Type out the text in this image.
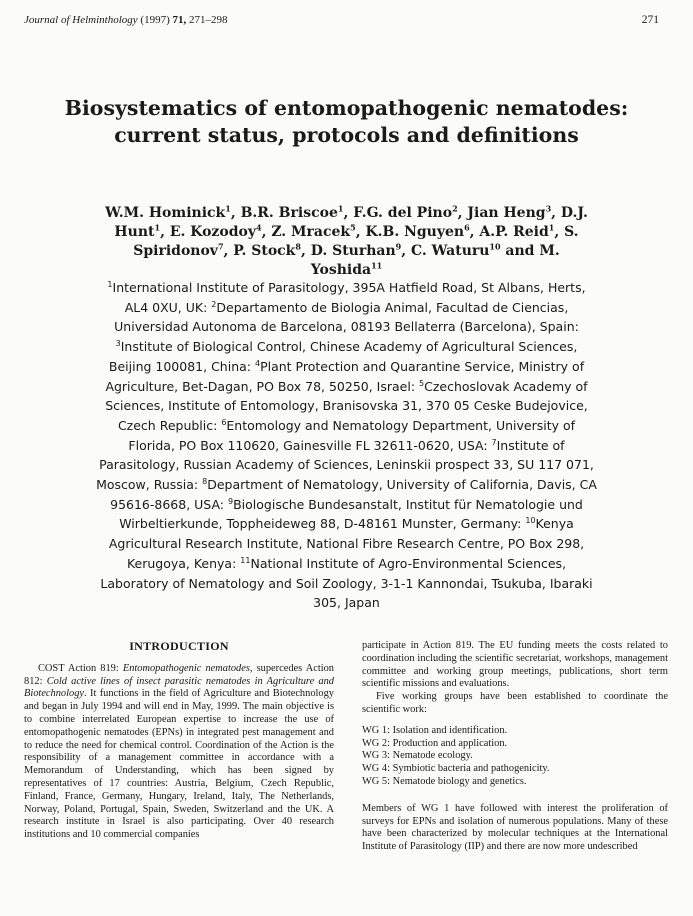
Journal of Helminthology (1997) 71, 271–298	271
Biosystematics of entomopathogenic nematodes: current status, protocols and definitions
W.M. Hominick$^1$, B.R. Briscoe$^1$, F.G. del Pino$^2$, Jian Heng$^3$, D.J. Hunt$^1$, E. Kozodoy$^4$, Z. Mracek$^5$, K.B. Nguyen$^6$, A.P. Reid$^1$, S. Spiridonov$^7$, P. Stock$^8$, D. Sturhan$^9$, C. Waturu$^{10}$ and M. Yoshida$^{11}$
$^1$International Institute of Parasitology, 395A Hatfield Road, St Albans, Herts, AL4 0XU, UK: $^2$Departamento de Biologia Animal, Facultad de Ciencias, Universidad Autonoma de Barcelona, 08193 Bellaterra (Barcelona), Spain: $^3$Institute of Biological Control, Chinese Academy of Agricultural Sciences, Beijing 100081, China: $^4$Plant Protection and Quarantine Service, Ministry of Agriculture, Bet-Dagan, PO Box 78, 50250, Israel: $^5$Czechoslovak Academy of Sciences, Institute of Entomology, Branisovska 31, 370 05 Ceske Budejovice, Czech Republic: $^6$Entomology and Nematology Department, University of Florida, PO Box 110620, Gainesville FL 32611-0620, USA: $^7$Institute of Parasitology, Russian Academy of Sciences, Leninskii prospect 33, SU 117 071, Moscow, Russia: $^8$Department of Nematology, University of California, Davis, CA 95616-8668, USA: $^9$Biologische Bundesanstalt, Institut für Nematologie und Wirbeltierkunde, Toppheideweg 88, D-48161 Munster, Germany: $^{10}$Kenya Agricultural Research Institute, National Fibre Research Centre, PO Box 298, Kerugoya, Kenya: $^{11}$National Institute of Agro-Environmental Sciences, Laboratory of Nematology and Soil Zoology, 3-1-1 Kannondai, Tsukuba, Ibaraki 305, Japan
INTRODUCTION

COST Action 819: Entomopathogenic nematodes, supercedes Action 812: Cold active lines of insect parasitic nematodes in Agriculture and Biotechnology. It functions in the field of Agriculture and Biotechnology and began in July 1994 and will end in May, 1999. The main objective is to combine interrelated European expertise to increase the use of entomopathogenic nematodes (EPNs) in integrated pest management and to reduce the need for chemical control. Coordination of the Action is the responsibility of a management committee in accordance with a Memorandum of Understanding, which has been signed by representatives of 17 countries: Austria, Belgium, Czech Republic, Finland, France, Germany, Hungary, Ireland, Italy, The Netherlands, Norway, Poland, Portugal, Spain, Sweden, Switzerland and the UK. A research institute in Israel is also participating. Over 40 research institutions and 10 commercial companies

participate in Action 819. The EU funding meets the costs related to coordination including the scientific secretariat, workshops, management committee and working group meetings, publications, short term scientific missions and evaluations.

Five working groups have been established to coordinate the scientific work:

WG 1: Isolation and identification.
WG 2: Production and application.
WG 3: Nematode ecology.
WG 4: Symbiotic bacteria and pathogenicity.
WG 5: Nematode biology and genetics.

Members of WG 1 have followed with interest the proliferation of surveys for EPNs and isolation of numerous populations. Many of these have been characterized by molecular techniques at the International Institute of Parasitology (IIP) and there are now more undescribed
